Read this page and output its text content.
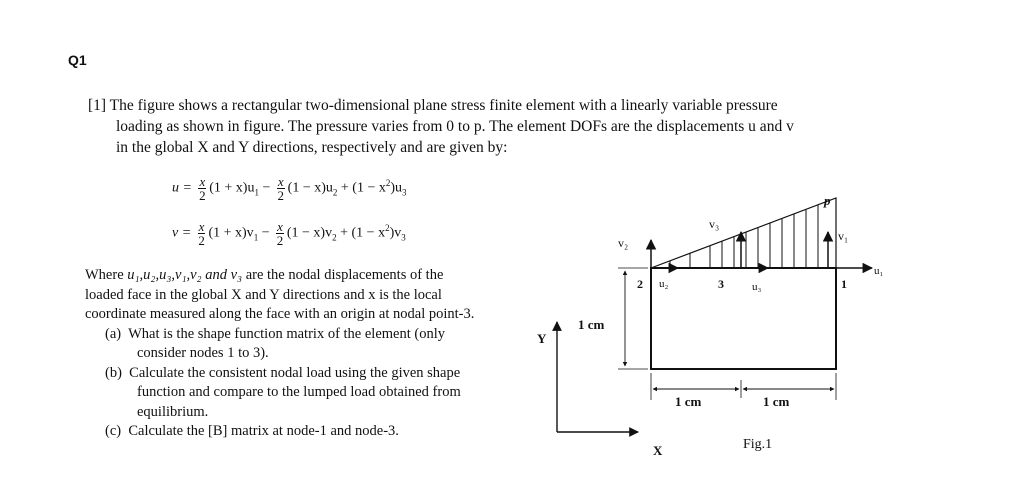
Q1
[1] The figure shows a rectangular two-dimensional plane stress finite element with a linearly variable pressure
loading as shown in figure. The pressure varies from 0 to p. The element DOFs are the displacements u and v
in the global X and Y directions, respectively and are given by:
$u = \frac{x}{2} (1 + x)u_1 - \frac{x}{2} (1 - x)u_2 + (1 - x^2)u_3$
$v = \frac{x}{2} (1 + x)v_1 - \frac{x}{2} (1 - x)v_2 + (1 - x^2)v_3$
Where u₁,u₂,u₃,v₁,v₂ and v₃ are the nodal displacements of the
loaded face in the global X and Y directions and x is the local
coordinate measured along the face with an origin at nodal point-3.
(a) What is the shape function matrix of the element (only
consider nodes 1 to 3).
(b) Calculate the consistent nodal load using the given shape
function and compare to the lumped load obtained from
equilibrium.
(c) Calculate the [B] matrix at node-1 and node-3.
p
v₂
v₃
v₁
u₁
u₂	u₃
2	3	1
1 cm
1 cm	1 cm
Y
X	Fig.1
